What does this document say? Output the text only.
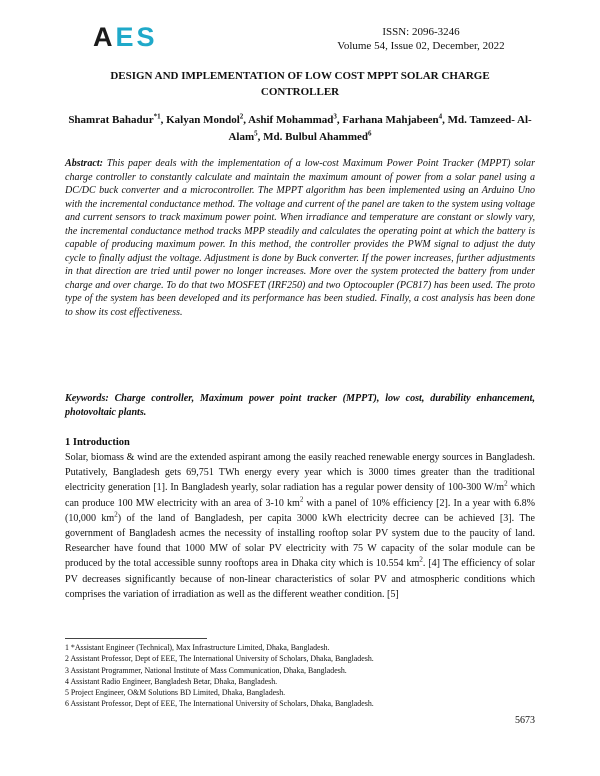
AES	ISSN: 2096-3246
Volume 54, Issue 02, December, 2022
DESIGN AND IMPLEMENTATION OF LOW COST MPPT SOLAR CHARGE
CONTROLLER
Shamrat Bahadur$^{*1}$, Kalyan Mondol$^2$, Ashif Mohammad$^3$, Farhana Mahjabeen$^4$, Md. Tamzeed- Al- Alam$^5$, Md. Bulbul Ahammed$^6$

Abstract: This paper deals with the implementation of a low-cost Maximum Power Point Tracker (MPPT) solar charge controller to constantly calculate and maintain the maximum amount of power from a solar panel using a DC/DC buck converter and a microcontroller. The MPPT algorithm has been implemented using an Arduino Uno with the incremental conductance method. The voltage and current of the panel are taken to the system using voltage and current sensors to track maximum power point. When irradiance and temperature are constant or slowly vary, the incremental conductance method tracks MPP steadily and calculates the operating point at which the battery is capable of producing maximum power. In this method, the controller provides the PWM signal to adjust the duty cycle to finally adjust the voltage. Adjustment is done by Buck converter. If the power increases, further adjustments in that direction are tried until power no longer increases. More over the system protected the battery from under charge and over charge. To do that two MOSFET (IRF250) and two Optocoupler (PC817) has been used. The proto type of the system has been developed and its performance has been studied. Finally, a cost analysis has been done to show its cost effectiveness.

Keywords: Charge controller, Maximum power point tracker (MPPT), low cost, durability enhancement, photovoltaic plants.

1 Introduction

Solar, biomass & wind are the extended aspirant among the easily reached renewable energy sources in Bangladesh. Putatively, Bangladesh gets 69,751 TWh energy every year which is 3000 times greater than the traditional electricity generation [1]. In Bangladesh yearly, solar radiation has a regular power density of 100-300 $W/m^2$ which can produce 100 MW electricity with an area of 3-10 $km^2$ with a panel of 10% efficiency [2]. In a year with 6.8% (10,000 $km^2$) of the land of Bangladesh, per capita 3000 kWh electricity decree can be achieved [3]. The government of Bangladesh acmes the necessity of installing rooftop solar PV system due to the paucity of land. Researcher have found that 1000 MW of solar PV electricity with 75 W capacity of the solar module can be produced by the total accessible sunny rooftops area in Dhaka city which is 10.554 $km^2$. [4] The efficiency of solar PV decreases significantly because of non-linear characteristics of solar PV and atmospheric conditions which comprises the variation of irradiation as well as the different weather condition. [5]

1 *Assistant Engineer (Technical), Max Infrastructure Limited, Dhaka, Bangladesh.
2 Assistant Professor, Dept of EEE, The International University of Scholars, Dhaka, Bangladesh.
3 Assistant Programmer, National Institute of Mass Communication, Dhaka, Bangladesh.
4 Assistant Radio Engineer, Bangladesh Betar, Dhaka, Bangladesh.
5 Project Engineer, O&M Solutions BD Limited, Dhaka, Bangladesh.
6 Assistant Professor, Dept of EEE, The International University of Scholars, Dhaka, Bangladesh.
5673
